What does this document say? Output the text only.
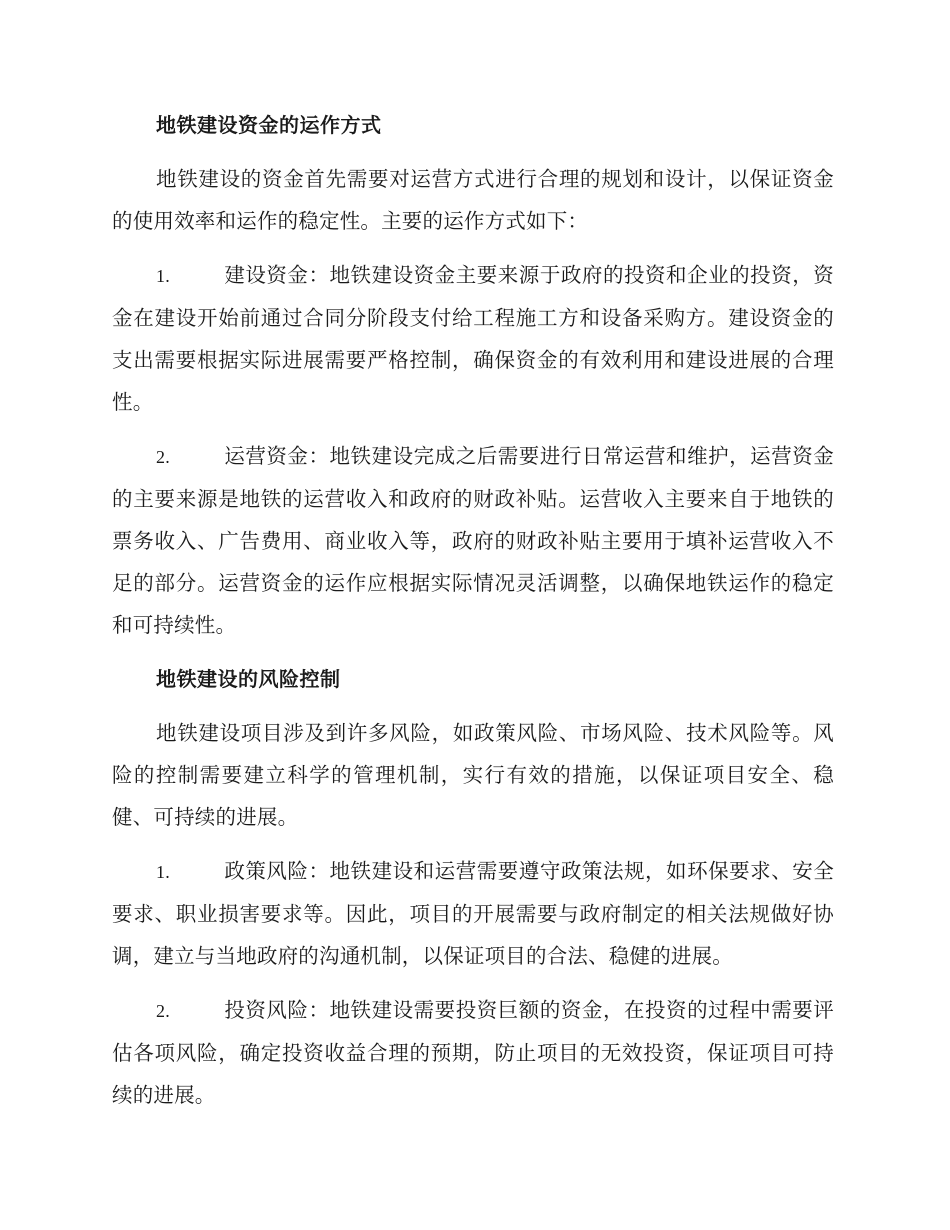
地铁建设资金的运作方式

地铁建设的资金首先需要对运营方式进行合理的规划和设计，以保证资金的使用效率和运作的稳定性。主要的运作方式如下：

1.	建设资金：地铁建设资金主要来源于政府的投资和企业的投资，资金在建设开始前通过合同分阶段支付给工程施工方和设备采购方。建设资金的支出需要根据实际进展需要严格控制，确保资金的有效利用和建设进展的合理性。

2.	运营资金：地铁建设完成之后需要进行日常运营和维护，运营资金的主要来源是地铁的运营收入和政府的财政补贴。运营收入主要来自于地铁的票务收入、广告费用、商业收入等，政府的财政补贴主要用于填补运营收入不足的部分。运营资金的运作应根据实际情况灵活调整，以确保地铁运作的稳定和可持续性。

地铁建设的风险控制

地铁建设项目涉及到许多风险，如政策风险、市场风险、技术风险等。风险的控制需要建立科学的管理机制，实行有效的措施，以保证项目安全、稳健、可持续的进展。

1.	政策风险：地铁建设和运营需要遵守政策法规，如环保要求、安全要求、职业损害要求等。因此，项目的开展需要与政府制定的相关法规做好协调，建立与当地政府的沟通机制，以保证项目的合法、稳健的进展。

2.	投资风险：地铁建设需要投资巨额的资金，在投资的过程中需要评估各项风险，确定投资收益合理的预期，防止项目的无效投资，保证项目可持续的进展。
